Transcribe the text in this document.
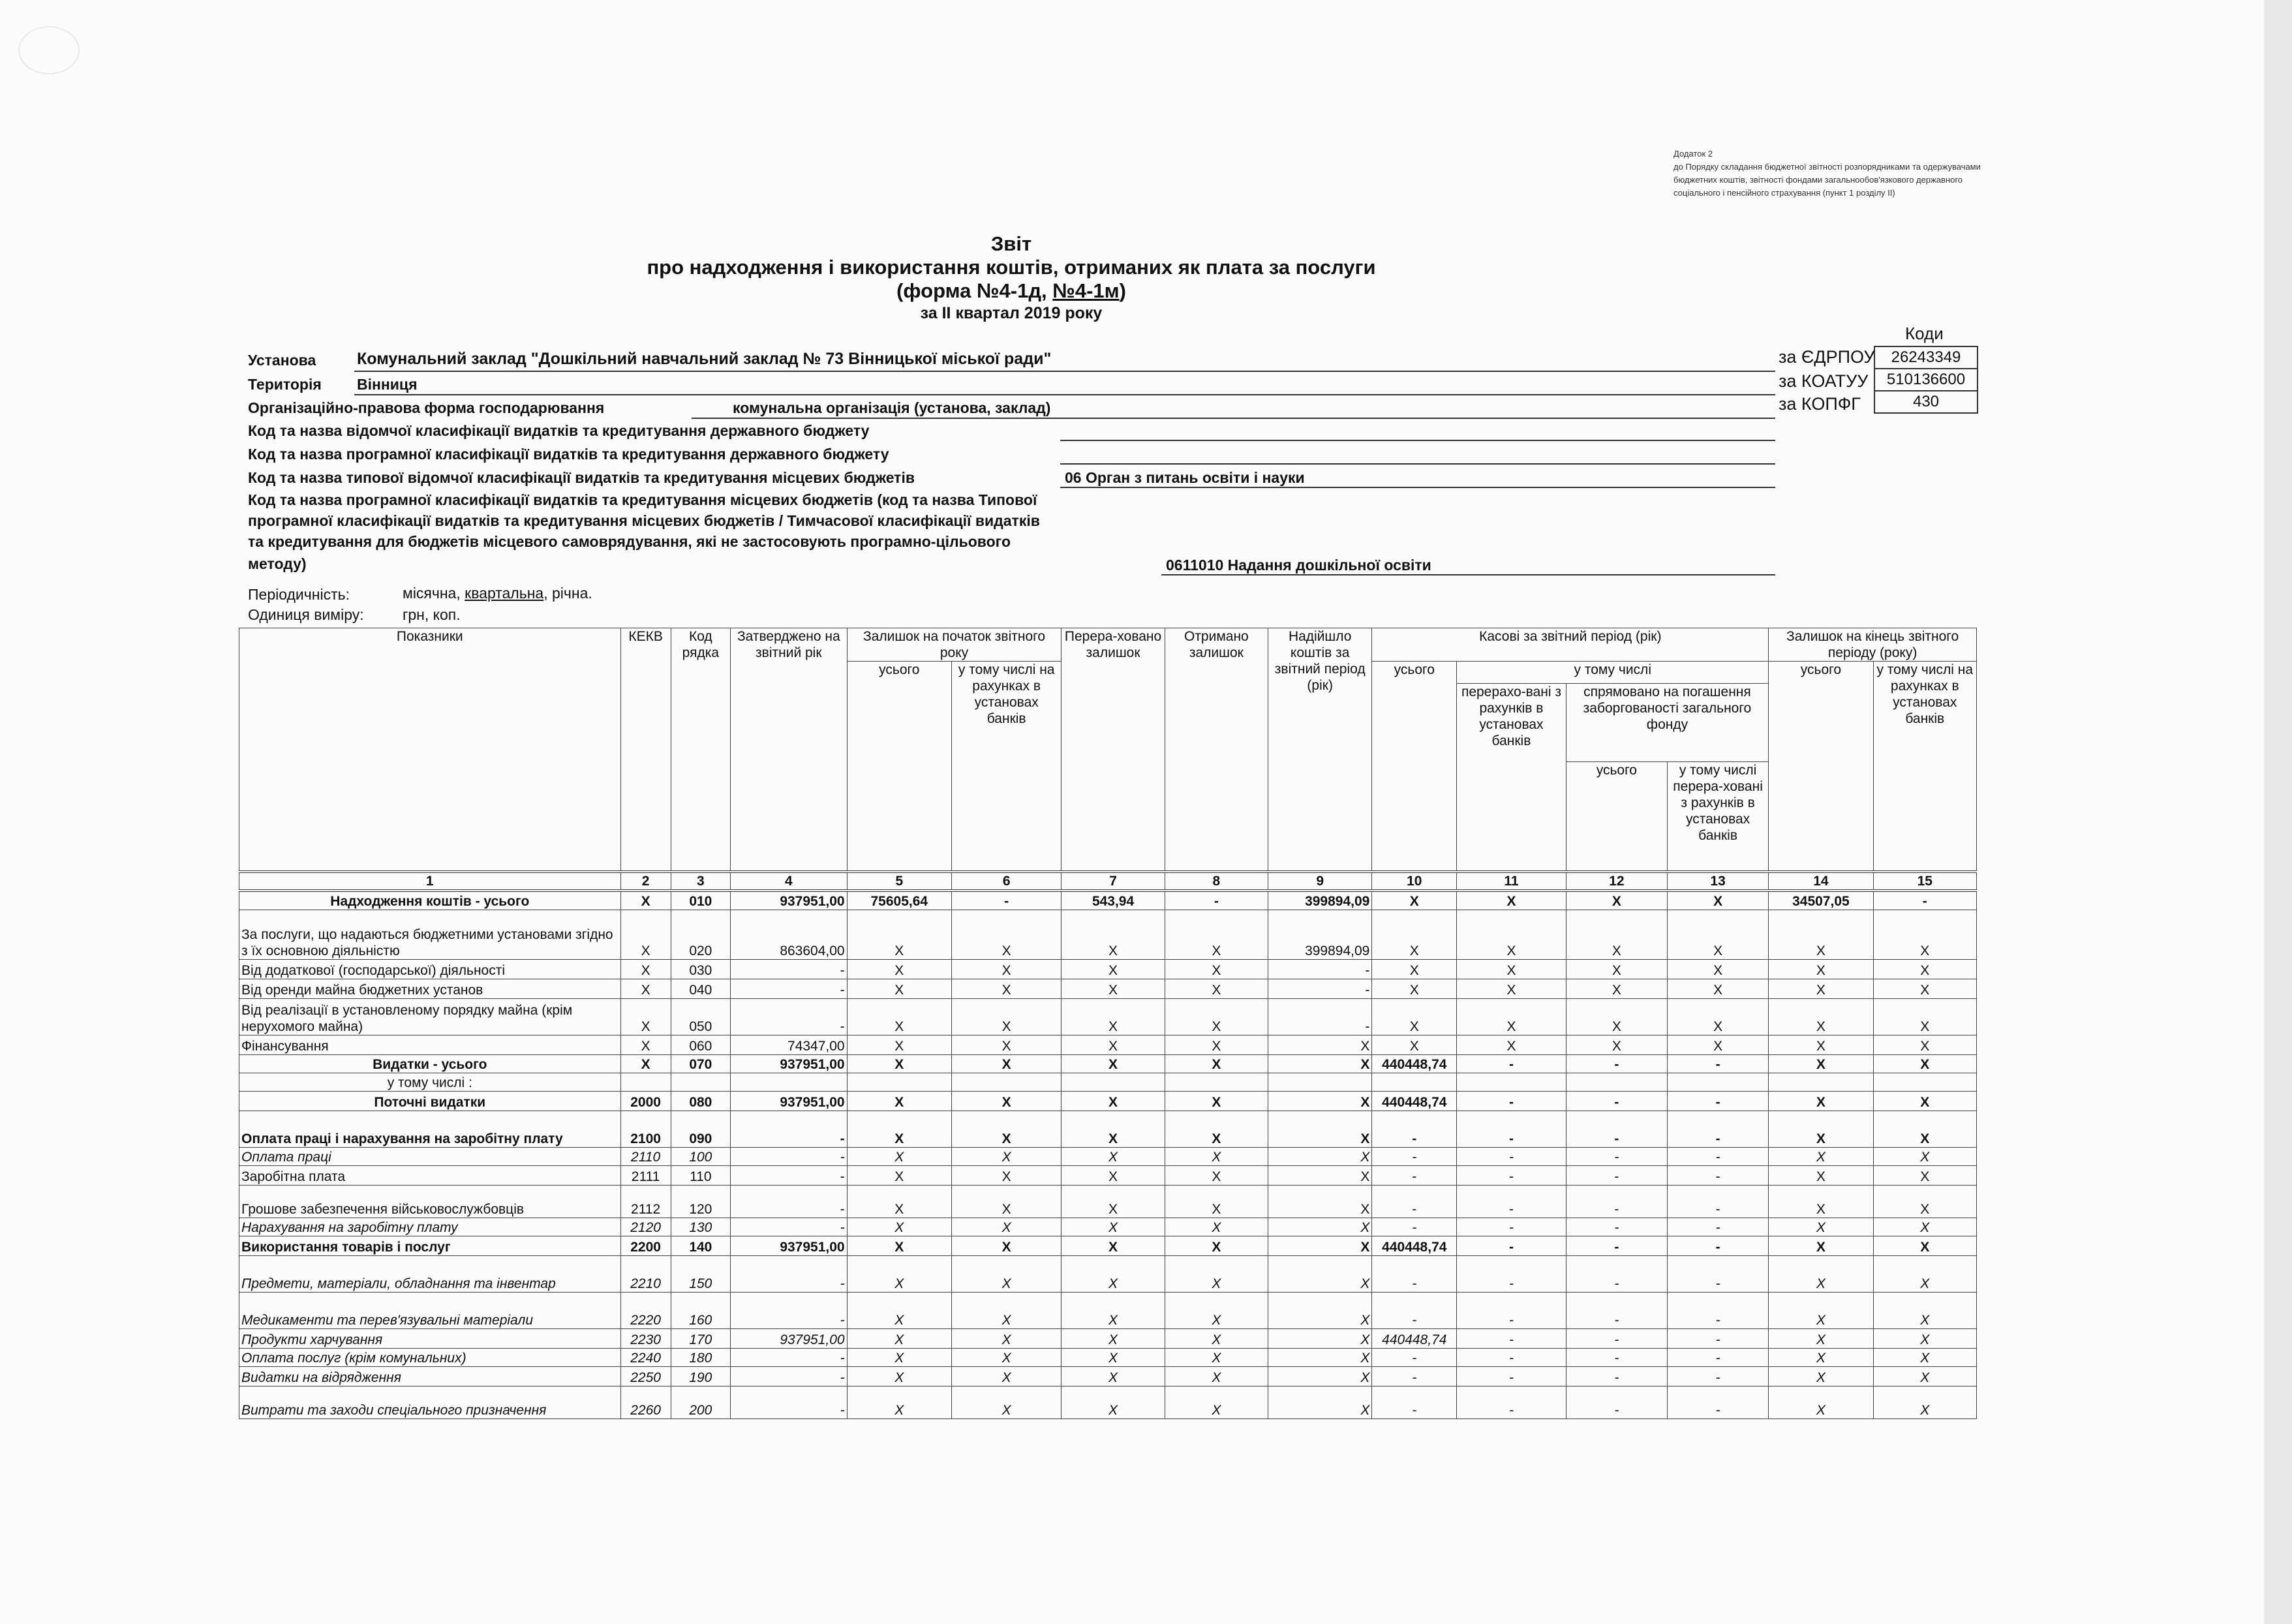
Додаток 2
до Порядку складання бюджетної звітності розпорядниками та одержувачами бюджетних коштів, звітності фондами загальнообов'язкового державного соціального і пенсійного страхування (пункт 1 розділу II)
Звіт
про надходження і використання коштів, отриманих як плата за послуги
(форма №4-1д, №4-1м)
за II квартал 2019 року
Коди
26243349
510136600
430
за ЄДРПОУ
за КОАТУУ
за КОПФГ
Установа	Комунальний заклад "Дошкільний навчальний заклад № 73 Вінницької міської ради"
Територія Вінниця
Організаційно-правова форма господарювання	комунальна організація (установа, заклад)
Код та назва відомчої класифікації видатків та кредитування державного бюджету
Код та назва програмної класифікації видатків та кредитування державного бюджету
Код та назва типової відомчої класифікації видатків та кредитування місцевих бюджетів	06 Орган з питань освіти і науки
Код та назва програмної класифікації видатків та кредитування місцевих бюджетів (код та назва Типової
програмної класифікації видатків та кредитування місцевих бюджетів / Тимчасової класифікації видатків
та кредитування для бюджетів місцевого самоврядування, які не застосовують програмно-цільового
методу)	0611010 Надання дошкільної освіти
Періодичність:	місячна, квартальна, річна.
Одиниця виміру:	грн, коп.
Показники	КЕКВ	Код рядка	Затверджено на звітний рік	Залишок на початок звітного року		Перера-ховано залишок	Отримано залишок	Надійшло коштів за звітний період (рік)	Касові за звітний період (рік)				Залишок на кінець звітного періоду (року)	
				усього	у тому числі на рахунках в установах банків				усього	у тому числі			усього	у тому числі на рахунках в установах банків
										перерахо-вані з рахунків в установах банків	спрямовано на погашення заборгованості загального фонду			
											усього	у тому числі перера-ховані з рахунків в установах банків		
1	2	3	4	5	6	7	8	9	10	11	12	13	14	15
Надходження коштів - усього	X	010	937951,00	75605,64	-	543,94	-	399894,09	X	X	X	X	34507,05	-
За послуги, що надаються бюджетними установами згідно з їх основною діяльністю	X	020	863604,00	X	X	X	X	399894,09	X	X	X	X	X	X
Від додаткової (господарської) діяльності	X	030	-	X	X	X	X	-	X	X	X	X	X	X
Від оренди майна бюджетних установ	X	040	-	X	X	X	X	-	X	X	X	X	X	X
Від реалізації в установленому порядку майна (крім нерухомого майна)	X	050	-	X	X	X	X	-	X	X	X	X	X	X
Фінансування	X	060	74347,00	X	X	X	X	X	X	X	X	X	X	X
Видатки - усього	X	070	937951,00	X	X	X	X	X	440448,74	-	-	-	X	X
у тому числі :														
Поточні видатки	2000	080	937951,00	X	X	X	X	X	440448,74	-	-	-	X	X
Оплата праці і нарахування на заробітну плату	2100	090	-	X	X	X	X	X	-	-	-	-	X	X
Оплата праці	2110	100	-	X	X	X	X	X	-	-	-	-	X	X
Заробітна плата	2111	110	-	X	X	X	X	X	-	-	-	-	X	X
Грошове забезпечення військовослужбовців	2112	120	-	X	X	X	X	X	-	-	-	-	X	X
Нарахування на заробітну плату	2120	130	-	X	X	X	X	X	-	-	-	-	X	X
Використання товарів і послуг	2200	140	937951,00	X	X	X	X	X	440448,74	-	-	-	X	X
Предмети, матеріали, обладнання та інвентар	2210	150	-	X	X	X	X	X	-	-	-	-	X	X
Медикаменти та перев'язувальні матеріали	2220	160	-	X	X	X	X	X	-	-	-	-	X	X
Продукти харчування	2230	170	937951,00	X	X	X	X	X	440448,74	-	-	-	X	X
Оплата послуг (крім комунальних)	2240	180	-	X	X	X	X	X	-	-	-	-	X	X
Видатки на відрядження	2250	190	-	X	X	X	X	X	-	-	-	-	X	X
Витрати та заходи спеціального призначення	2260	200	-	X	X	X	X	X	-	-	-	-	X	X
